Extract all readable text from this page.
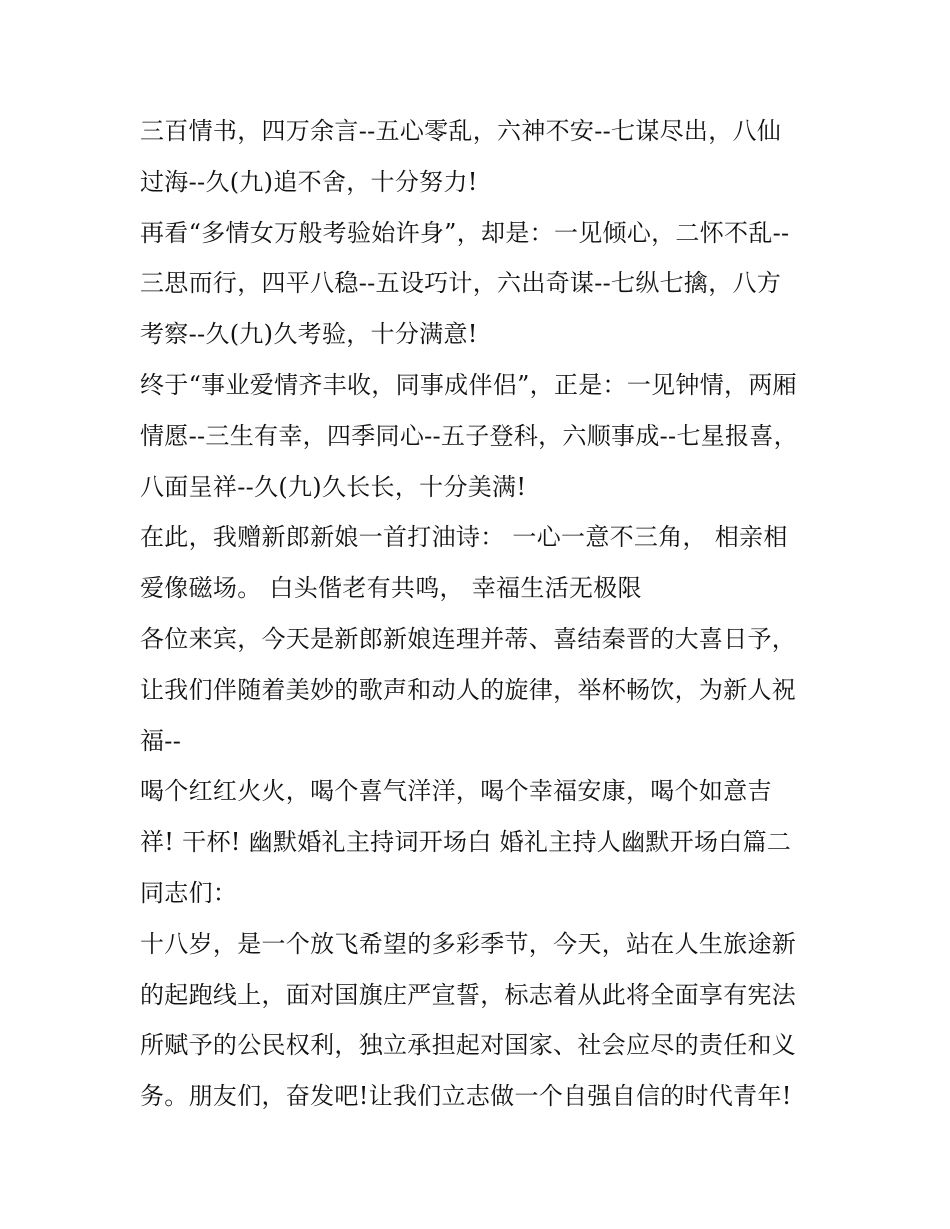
三百情书，四万余言--五心零乱，六神不安--七谋尽出，八仙
过海--久(九)追不舍，十分努力!
再看“多情女万般考验始许身”，却是：一见倾心，二怀不乱--
三思而行，四平八稳--五设巧计，六出奇谋--七纵七擒，八方
考察--久(九)久考验，十分满意!
终于“事业爱情齐丰收，同事成伴侣”，正是：一见钟情，两厢
情愿--三生有幸，四季同心--五子登科，六顺事成--七星报喜，
八面呈祥--久(九)久长长，十分美满!
在此，我赠新郎新娘一首打油诗： 一心一意不三角， 相亲相
爱像磁场。 白头偕老有共鸣， 幸福生活无极限
各位来宾，今天是新郎新娘连理并蒂、喜结秦晋的大喜日予，
让我们伴随着美妙的歌声和动人的旋律，举杯畅饮，为新人祝
福--
喝个红红火火，喝个喜气洋洋，喝个幸福安康，喝个如意吉
祥! 干杯! 幽默婚礼主持词开场白 婚礼主持人幽默开场白篇二
同志们：
十八岁，是一个放飞希望的多彩季节，今天，站在人生旅途新
的起跑线上，面对国旗庄严宣誓，标志着从此将全面享有宪法
所赋予的公民权利，独立承担起对国家、社会应尽的责任和义
务。朋友们，奋发吧!让我们立志做一个自强自信的时代青年!
